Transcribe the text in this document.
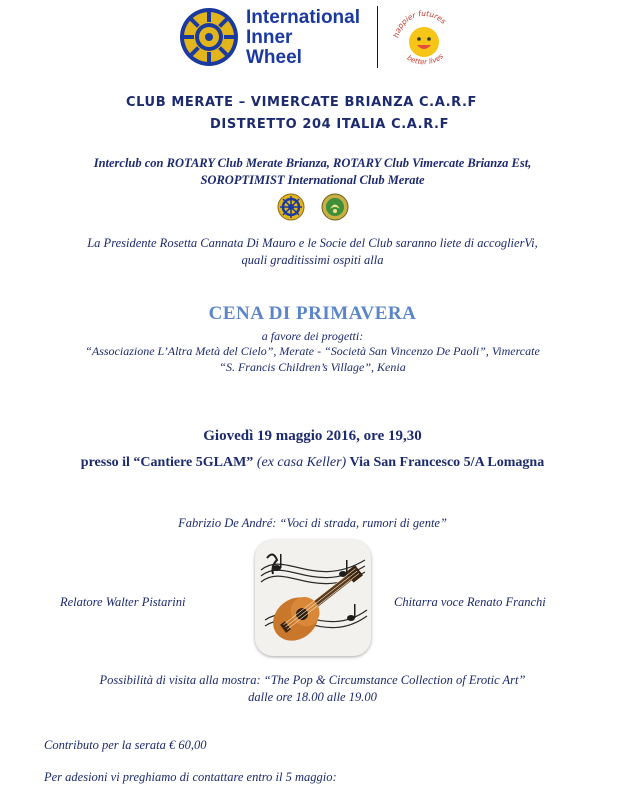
International
Inner
Wheel
happier futures
better lives
CLUB MERATE – VIMERCATE BRIANZA C.A.R.F
DISTRETTO 204 ITALIA C.A.R.F
Interclub con ROTARY Club Merate Brianza, ROTARY Club Vimercate Brianza Est,
SOROPTIMIST International Club Merate
La Presidente Rosetta Cannata Di Mauro e le Socie del Club saranno liete di accoglierVi,
quali graditissimi ospiti alla
CENA DI PRIMAVERA
a favore dei progetti:
“Associazione L’Altra Metà del Cielo”, Merate - “Società San Vincenzo De Paoli”, Vimercate
“S. Francis Children’s Village”, Kenia
Giovedì 19 maggio 2016, ore 19,30
presso il “Cantiere 5GLAM” (ex casa Keller) Via San Francesco 5/A Lomagna
Fabrizio De André: “Voci di strada, rumori di gente”
Relatore Walter Pistarini	Chitarra voce Renato Franchi
Possibilità di visita alla mostra: “The Pop & Circumstance Collection of Erotic Art”
dalle ore 18.00 alle 19.00
Contributo per la serata € 60,00
Per adesioni vi preghiamo di contattare entro il 5 maggio:
